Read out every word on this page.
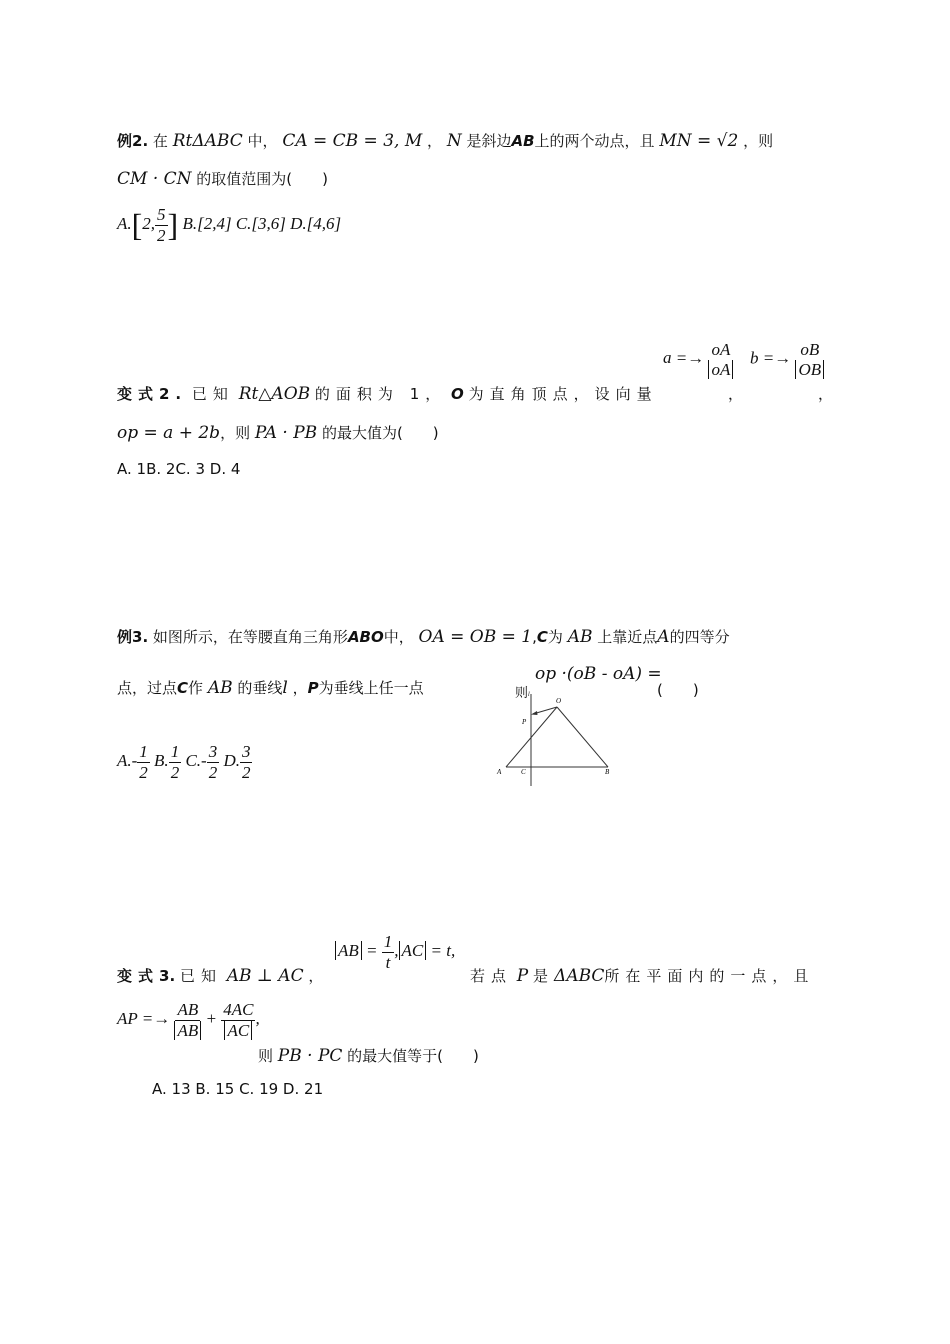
例2. 在 RtΔABC 中， CA = CB = 3, M ， N 是斜边AB上的两个动点，且 MN = √2 ，则
CM · CN 的取值范围为(　　)
A.[2, $\frac{5}{2}$ ] B.[2,4] C.[3,6] D.[4,6]
变式2. 已知 Rt△AOB 的面积为 1， O 为直角顶点，设向量
a =→ oA
oA
，
b =→ oB
OB
，
op = a + 2b，则 PA · PB 的最大值为(　　)
A. 1B. 2C. 3 D. 4
例3. 如图所示，在等腰直角三角形ABO中， OA = OB = 1,C为 AB 上靠近点A的四等分
点，过点C作 AB 的垂线l ，P为垂线上任一点	则
op ·(oB - oA) =
(　　)
O
P
A	C	B
l
$A.- \frac{1}{2} B$. $\frac{1}{2} C.- \frac{3}{2} D$. $\frac{3}{2}$
变式3. 已知 AB ⊥ AC ，
AB = $\frac{1}{t}$ , AC = t,
若点 P 是ΔABC所在平面内的一点，且
AP =→ $\frac{AB}{AB} + \frac{4AC}{AC}$ ,
则 PB · PC 的最大值等于(　　)
A. 13 B. 15 C. 19 D. 21
